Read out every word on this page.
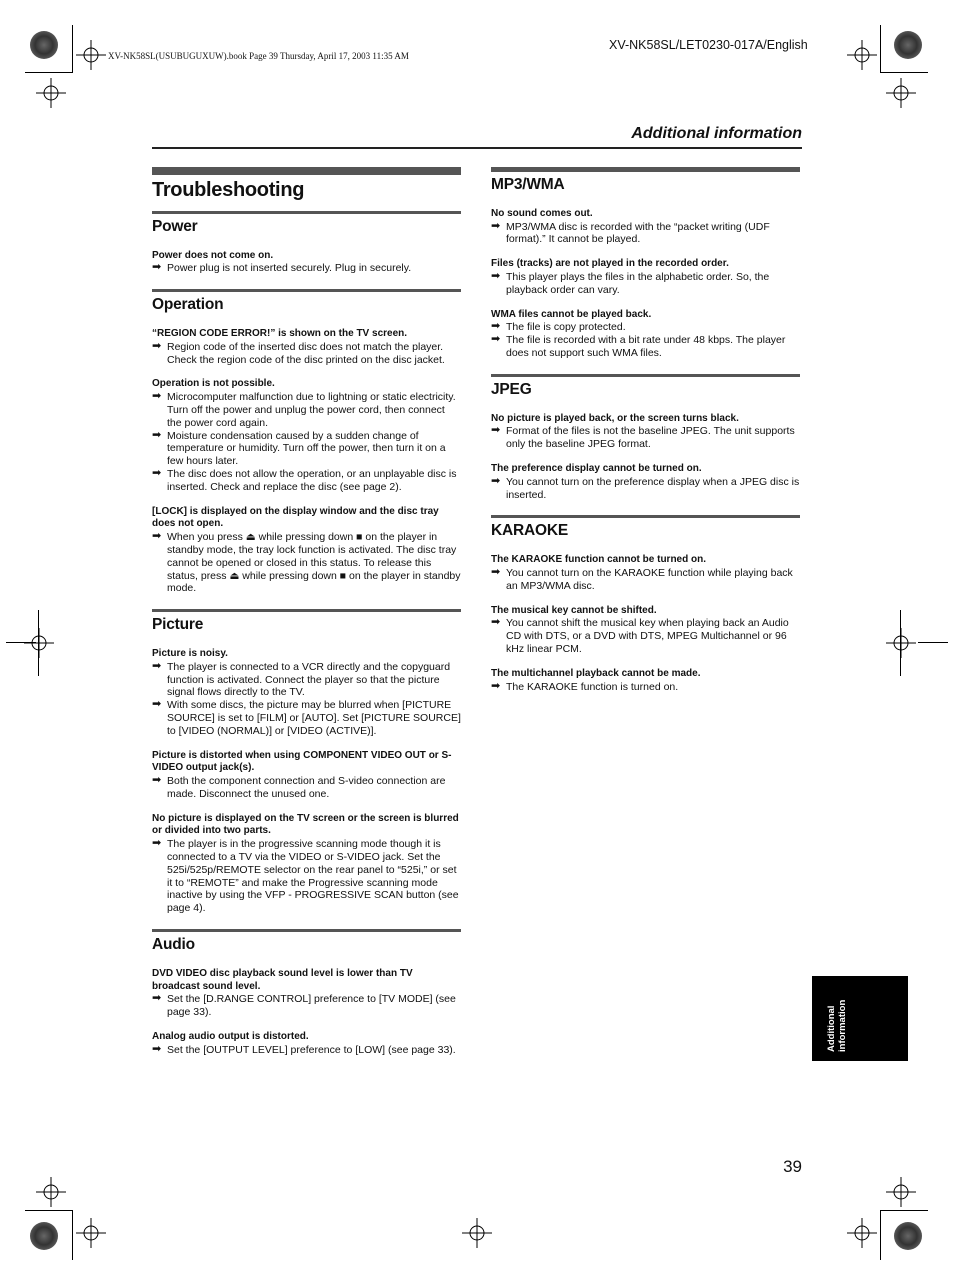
XV-NK58SL(USUBUGUXUW).book Page 39 Thursday, April 17, 2003 11:35 AM
XV-NK58SL/LET0230-017A/English
Additional information
Troubleshooting
Power
Power does not come on.
➡ Power plug is not inserted securely. Plug in securely.
Operation
“REGION CODE ERROR!” is shown on the TV screen.
➡ Region code of the inserted disc does not match the player. Check the region code of the disc printed on the disc jacket.
Operation is not possible.
➡ Microcomputer malfunction due to lightning or static electricity. Turn off the power and unplug the power cord, then connect the power cord again.
➡ Moisture condensation caused by a sudden change of temperature or humidity. Turn off the power, then turn it on a few hours later.
➡ The disc does not allow the operation, or an unplayable disc is inserted. Check and replace the disc (see page 2).
[LOCK] is displayed on the display window and the disc tray does not open.
➡ When you press ⏏ while pressing down ■ on the player in standby mode, the tray lock function is activated. The disc tray cannot be opened or closed in this status. To release this status, press ⏏ while pressing down ■ on the player in standby mode.
Picture
Picture is noisy.
➡ The player is connected to a VCR directly and the copyguard function is activated. Connect the player so that the picture signal flows directly to the TV.
➡ With some discs, the picture may be blurred when [PICTURE SOURCE] is set to [FILM] or [AUTO]. Set [PICTURE SOURCE] to [VIDEO (NORMAL)] or [VIDEO (ACTIVE)].
Picture is distorted when using COMPONENT VIDEO OUT or S-VIDEO output jack(s).
➡ Both the component connection and S-video connection are made. Disconnect the unused one.
No picture is displayed on the TV screen or the screen is blurred or divided into two parts.
➡ The player is in the progressive scanning mode though it is connected to a TV via the VIDEO or S-VIDEO jack. Set the 525i/525p/REMOTE selector on the rear panel to “525i,” or set it to “REMOTE” and make the Progressive scanning mode inactive by using the VFP - PROGRESSIVE SCAN button (see page 4).
Audio
DVD VIDEO disc playback sound level is lower than TV broadcast sound level.
➡ Set the [D.RANGE CONTROL] preference to [TV MODE] (see page 33).
Analog audio output is distorted.
➡ Set the [OUTPUT LEVEL] preference to [LOW] (see page 33).
MP3/WMA
No sound comes out.
➡ MP3/WMA disc is recorded with the “packet writing (UDF format).” It cannot be played.
Files (tracks) are not played in the recorded order.
➡ This player plays the files in the alphabetic order. So, the playback order can vary.
WMA files cannot be played back.
➡ The file is copy protected.
➡ The file is recorded with a bit rate under 48 kbps. The player does not support such WMA files.
JPEG
No picture is played back, or the screen turns black.
➡ Format of the files is not the baseline JPEG. The unit supports only the baseline JPEG format.
The preference display cannot be turned on.
➡ You cannot turn on the preference display when a JPEG disc is inserted.
KARAOKE
The KARAOKE function cannot be turned on.
➡ You cannot turn on the KARAOKE function while playing back an MP3/WMA disc.
The musical key cannot be shifted.
➡ You cannot shift the musical key when playing back an Audio CD with DTS, or a DVD with DTS, MPEG Multichannel or 96 kHz linear PCM.
The multichannel playback cannot be made.
➡ The KARAOKE function is turned on.
Additional information
39
